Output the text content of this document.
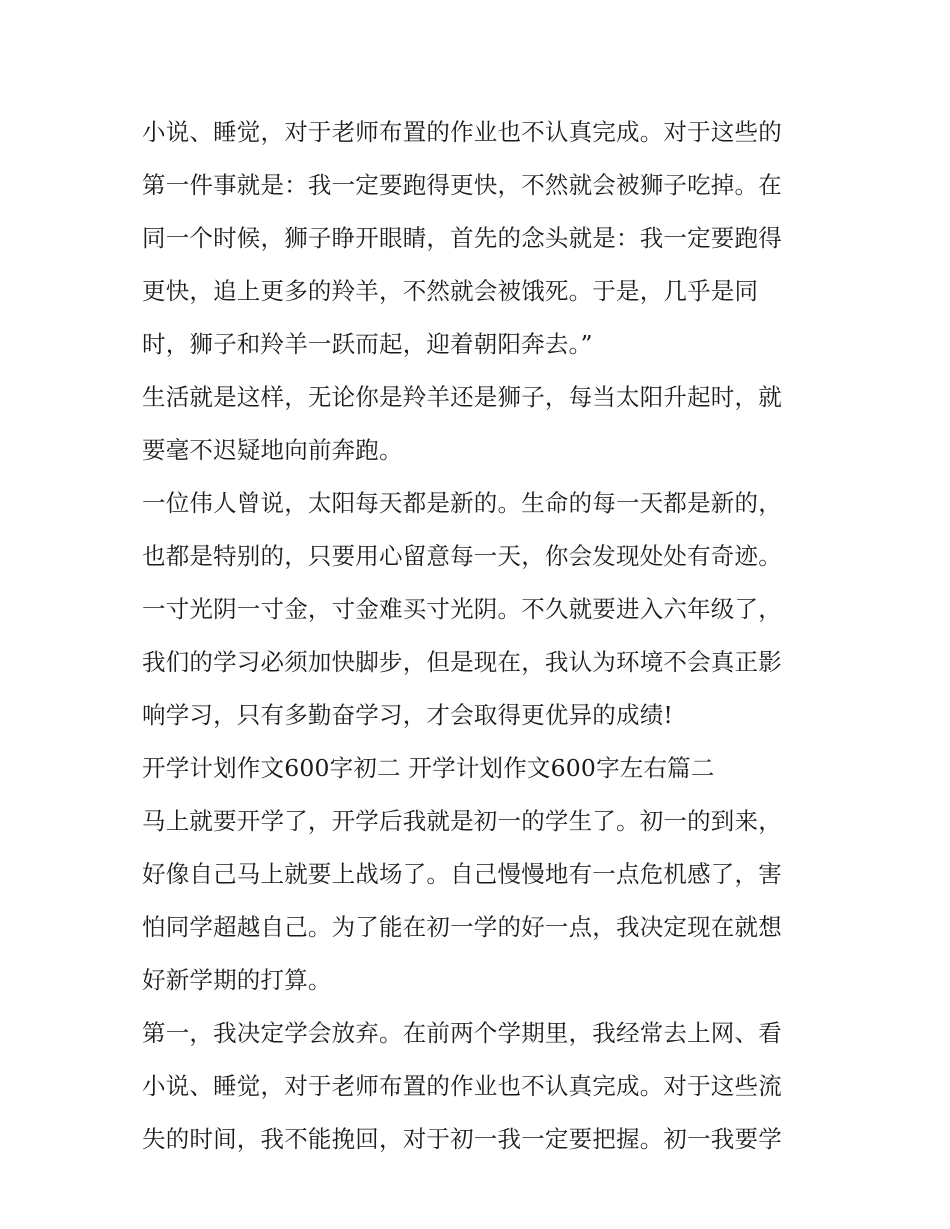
小说、睡觉，对于老师布置的作业也不认真完成。对于这些的
第一件事就是：我一定要跑得更快，不然就会被狮子吃掉。在
同一个时候，狮子睁开眼睛，首先的念头就是：我一定要跑得
更快，追上更多的羚羊，不然就会被饿死。于是，几乎是同
时，狮子和羚羊一跃而起，迎着朝阳奔去。”
生活就是这样，无论你是羚羊还是狮子，每当太阳升起时，就
要毫不迟疑地向前奔跑。
一位伟人曾说，太阳每天都是新的。生命的每一天都是新的，
也都是特别的，只要用心留意每一天，你会发现处处有奇迹。
一寸光阴一寸金，寸金难买寸光阴。不久就要进入六年级了，
我们的学习必须加快脚步，但是现在，我认为环境不会真正影
响学习，只有多勤奋学习，才会取得更优异的成绩!
开学计划作文600字初二 开学计划作文600字左右篇二
马上就要开学了，开学后我就是初一的学生了。初一的到来，
好像自己马上就要上战场了。自己慢慢地有一点危机感了，害
怕同学超越自己。为了能在初一学的好一点，我决定现在就想
好新学期的打算。
第一，我决定学会放弃。在前两个学期里，我经常去上网、看
小说、睡觉，对于老师布置的作业也不认真完成。对于这些流
失的时间，我不能挽回，对于初一我一定要把握。初一我要学
